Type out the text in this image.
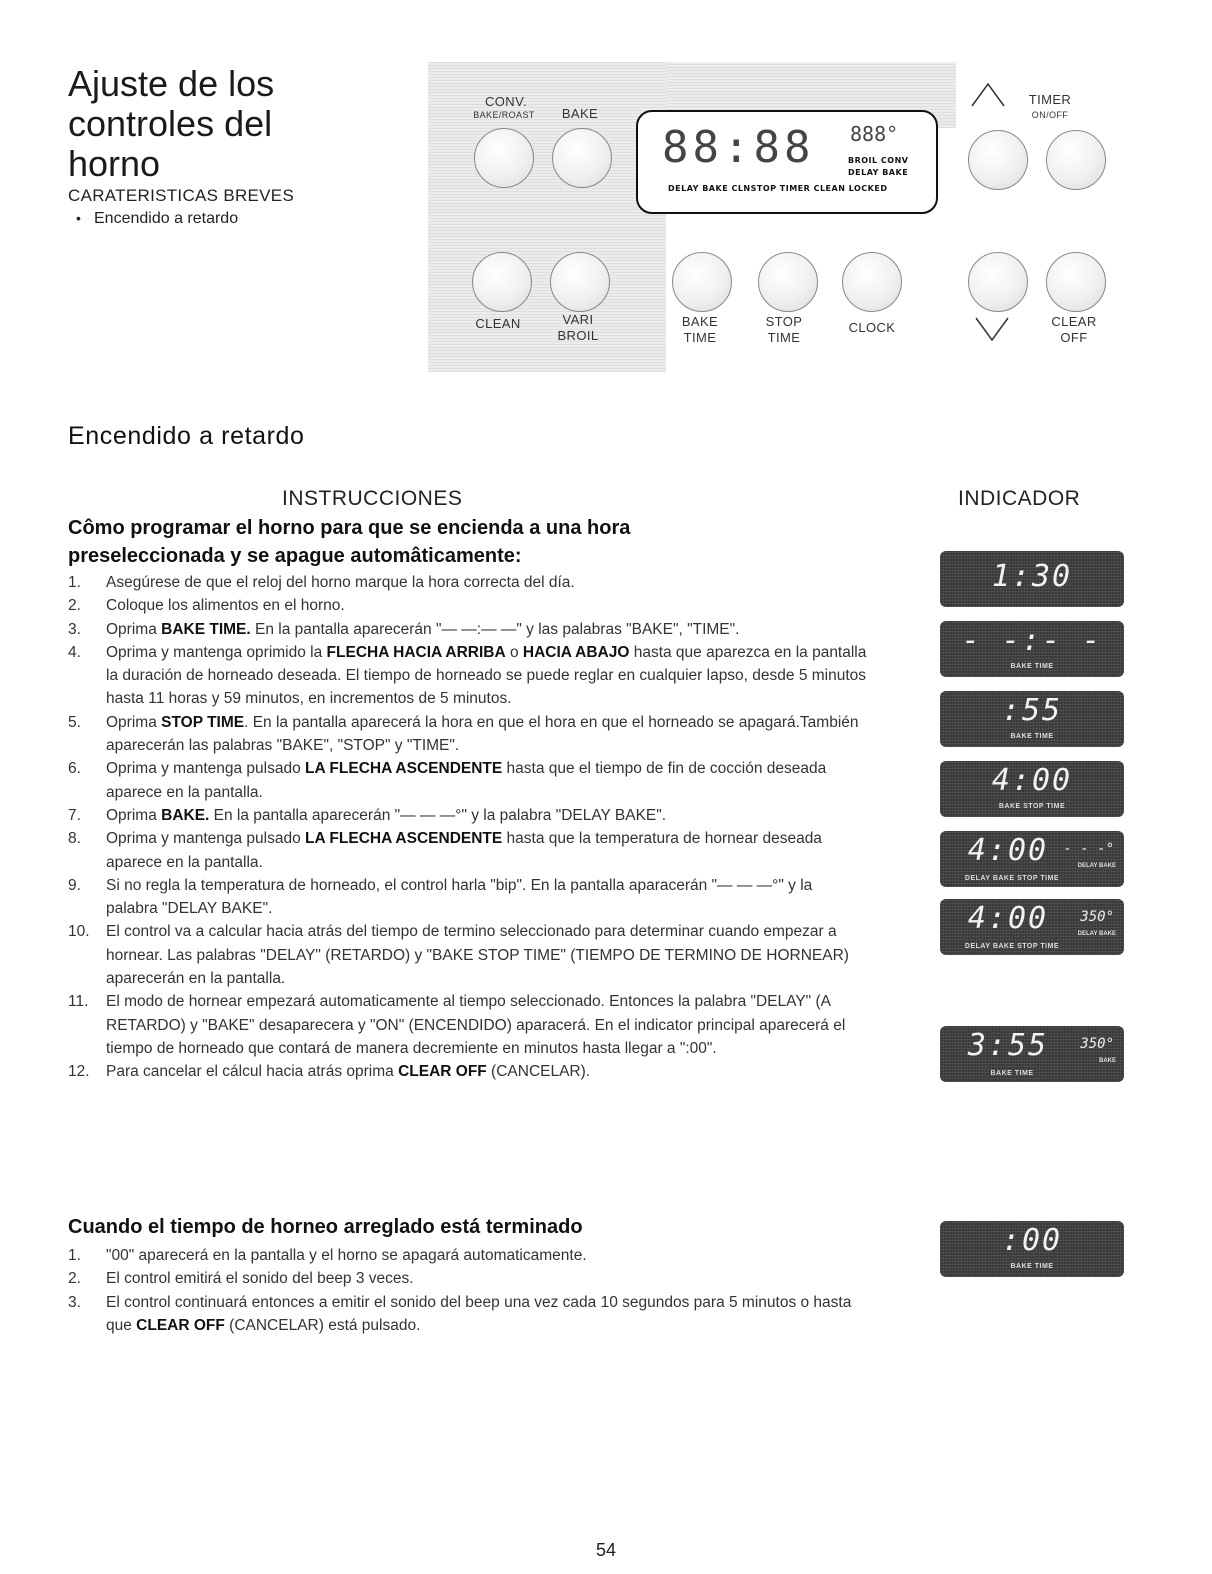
Ajuste de los
controles del
horno
CARATERISTICAS BREVES
• Encendido a retardo
CONV.
BAKE/ROAST	BAKE
88:88 888°
BROIL CONV
DELAY BAKE
DELAY BAKE CLNSTOP TIMER CLEAN LOCKED
TIMER
ON/OFF
CLEAN	VARI
BROIL
BAKE
TIME
STOP
TIME
CLOCK	CLEAR
OFF
Encendido a retardo
INSTRUCCIONES	INDICADOR
Cômo programar el horno para que se encienda a una hora preseleccionada y se apague automâticamente:
1.	Asegúrese de que el reloj del horno marque la hora correcta del día.
2.	Coloque los alimentos en el horno.
3.	Oprima BAKE TIME. En la pantalla aparecerán "— —:— —" y las palabras "BAKE", "TIME".
4.	Oprima y mantenga oprimido la FLECHA HACIA ARRIBA o HACIA ABAJO hasta que aparezca en la pantalla la duración de horneado deseada. El tiempo de horneado se puede reglar en cualquier lapso, desde 5 minutos hasta 11 horas y 59 minutos, en incrementos de 5 minutos.
5.	Oprima STOP TIME. En la pantalla aparecerá la hora en que el hora en que el horneado se apagará.También aparecerán las palabras "BAKE", "STOP" y "TIME".
6.	Oprima y mantenga pulsado LA FLECHA ASCENDENTE hasta que el tiempo de fin de cocción deseada aparece en la pantalla.
7.	Oprima BAKE. En la pantalla aparecerán "— — —°" y la palabra "DELAY BAKE".
8.	Oprima y mantenga pulsado LA FLECHA ASCENDENTE hasta que la temperatura de hornear deseada aparece en la pantalla.
9.	Si no regla la temperatura de horneado, el control harla "bip". En la pantalla aparacerán "— — —°" y la palabra "DELAY BAKE".
10.	El control va a calcular hacia atrás del tiempo de termino seleccionado para determinar cuando empezar a hornear. Las palabras "DELAY" (RETARDO) y "BAKE STOP TIME" (TIEMPO DE TERMINO DE HORNEAR) aparecerán en la pantalla.
11.	El modo de hornear empezará automaticamente al tiempo seleccionado. Entonces la palabra "DELAY" (A RETARDO) y "BAKE" desaparecera y "ON" (ENCENDIDO) aparacerá. En el indicator principal aparecerá el tiempo de horneado que contará de manera decremiente en minutos hasta llegar a ":00".
12.	Para cancelar el cálcul hacia atrás oprima CLEAR OFF (CANCELAR).
Cuando el tiempo de horneo arreglado está terminado
1.	"00" aparecerá en la pantalla y el horno se apagará automaticamente.
2.	El control emitirá el sonido del beep 3 veces.
3.	El control continuará entonces a emitir el sonido del beep una vez cada 10 segundos para 5 minutos o hasta que CLEAR OFF (CANCELAR) está pulsado.
1:30
- -:- -
BAKE TIME
:55
BAKE TIME
4:00
BAKE STOP TIME
4:00	- - -°
DELAY BAKE
DELAY BAKE STOP TIME
4:00	350°
DELAY BAKE
DELAY BAKE STOP TIME
3:55	350°
BAKE
BAKE TIME
:00
BAKE TIME
54
